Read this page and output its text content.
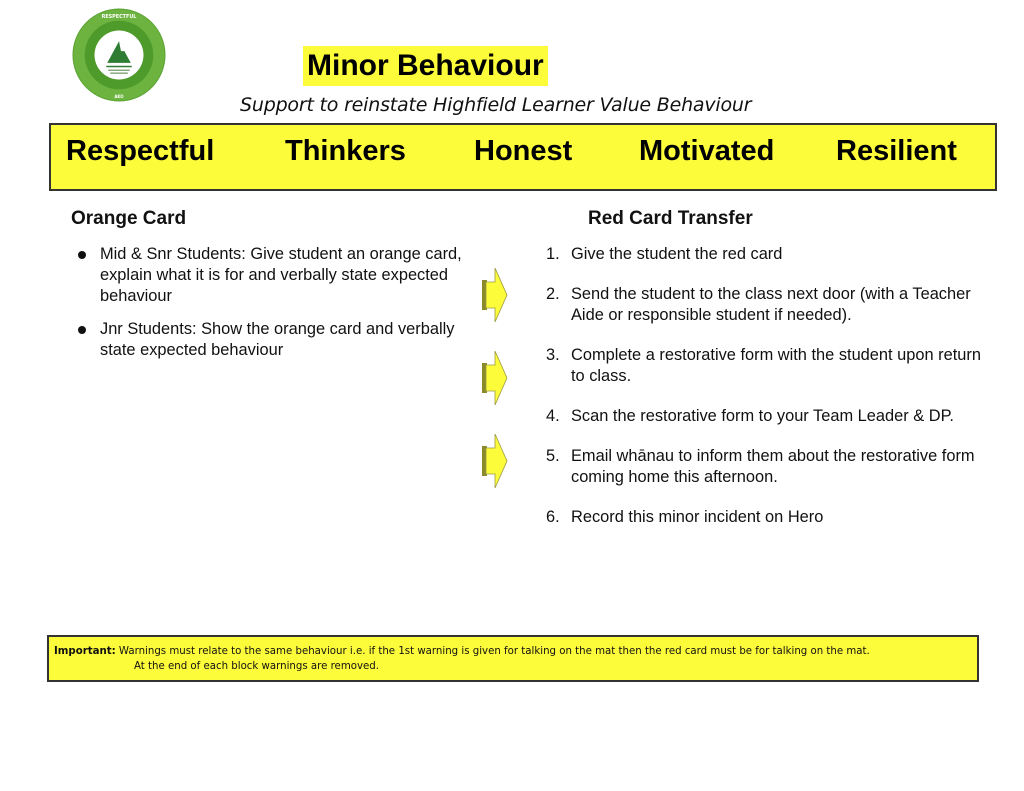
RESPECTFUL
AKO
Minor Behaviour
Support to reinstate Highfield Learner Value Behaviour
Respectful Thinkers Honest Motivated Resilient
Orange Card
Mid & Snr Students: Give student an orange card, explain what it is for and verbally state expected behaviour
Jnr Students: Show the orange card and verbally state expected behaviour
Red Card Transfer
1. Give the student the red card
2. Send the student to the class next door (with a Teacher Aide or responsible student if needed).
3. Complete a restorative form with the student upon return to class.
4. Scan the restorative form to your Team Leader & DP.
5. Email whānau to inform them about the restorative form coming home this afternoon.
6. Record this minor incident on Hero
Important: Warnings must relate to the same behaviour i.e. if the 1st warning is given for talking on the mat then the red card must be for talking on the mat.
At the end of each block warnings are removed.
